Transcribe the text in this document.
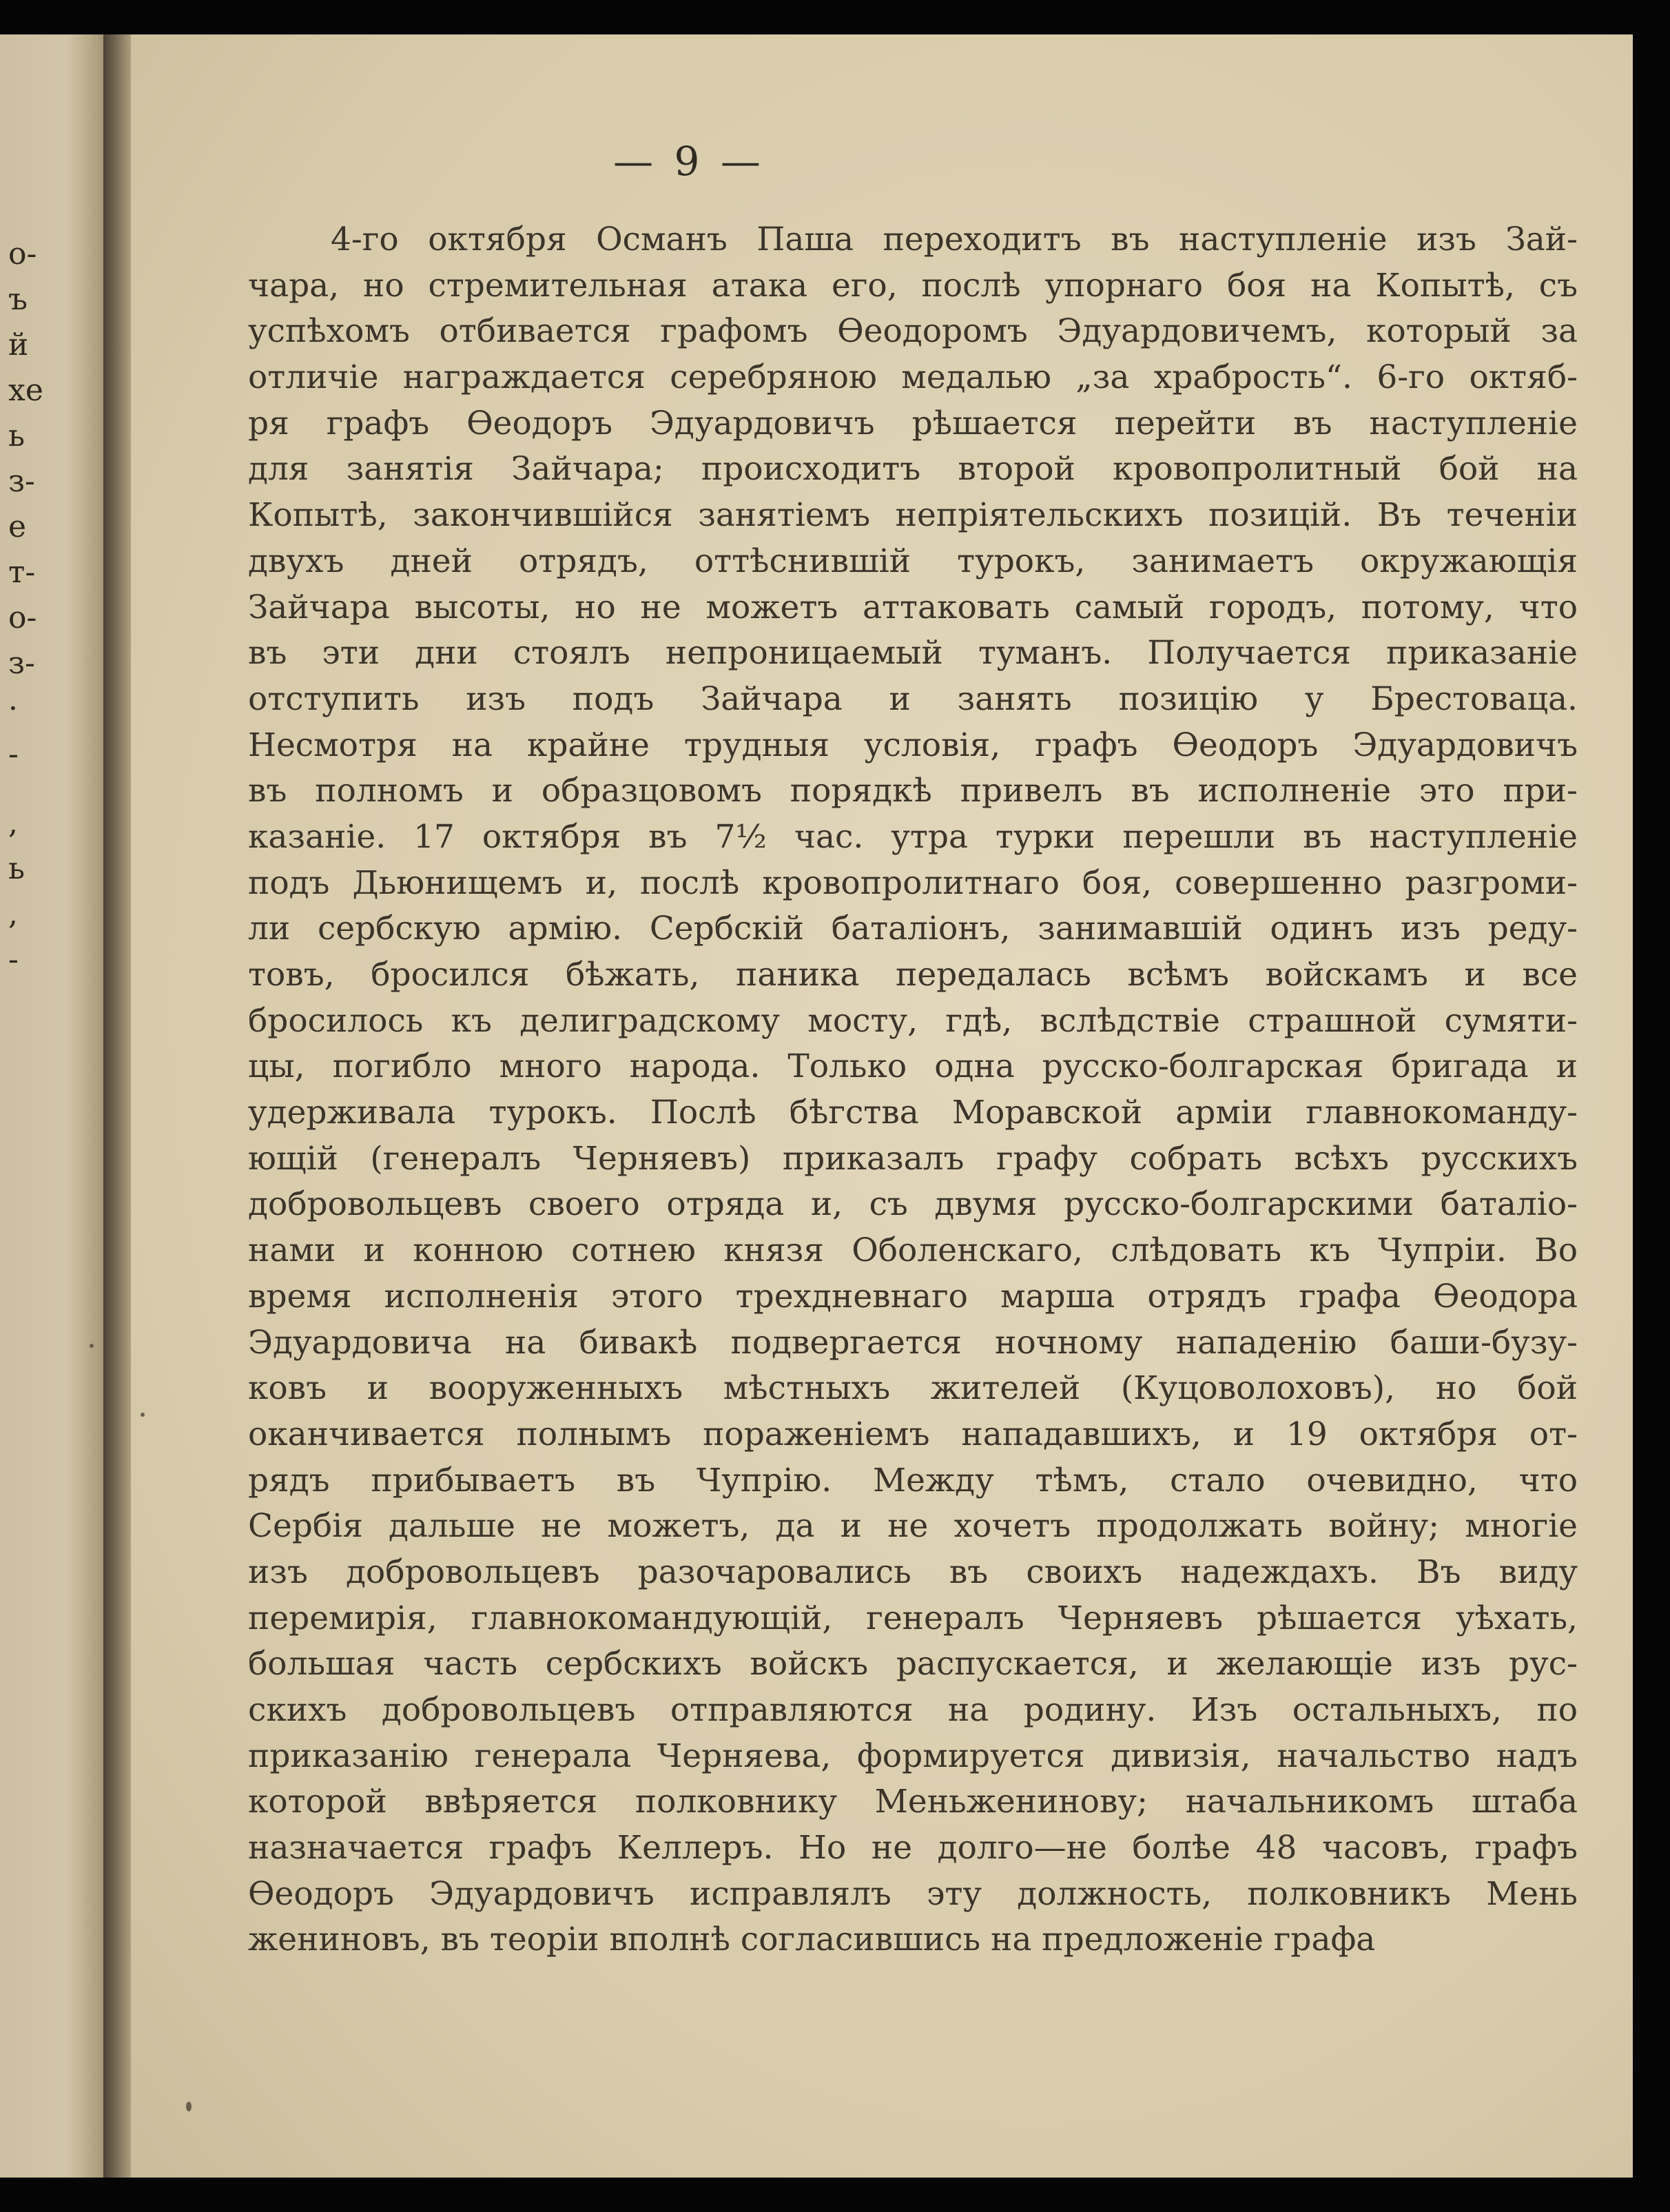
о-
ъ
й
хе
ь
з-
е
т-
о-
з-
·
-
,
ь
,
-
— 9 —
4-го октября Османъ Паша переходитъ въ наступленіе изъ Зай-
чара, но стремительная атака его, послѣ упорнаго боя на Копытѣ, съ
успѣхомъ отбивается графомъ Ѳеодоромъ Эдуардовичемъ, который за
отличіе награждается серебряною медалью „за храбрость“. 6-го октяб-
ря графъ Ѳеодоръ Эдуардовичъ рѣшается перейти въ наступленіе
для занятія Зайчара; происходитъ второй кровопролитный бой на
Копытѣ, закончившійся занятіемъ непріятельскихъ позицій. Въ теченіи
двухъ дней отрядъ, оттѣснившій турокъ, занимаетъ окружающія
Зайчара высоты, но не можетъ аттаковать самый городъ, потому, что
въ эти дни стоялъ непроницаемый туманъ. Получается приказаніе
отступить изъ подъ Зайчара и занять позицію у Брестоваца.
Несмотря на крайне трудныя условія, графъ Ѳеодоръ Эдуардовичъ
въ полномъ и образцовомъ порядкѣ привелъ въ исполненіе это при-
казаніе. 17 октября въ 7½ час. утра турки перешли въ наступленіе
подъ Дьюнищемъ и, послѣ кровопролитнаго боя, совершенно разгроми-
ли сербскую армію. Сербскій баталіонъ, занимавшій одинъ изъ реду-
товъ, бросился бѣжать, паника передалась всѣмъ войскамъ и все
бросилось къ делиградскому мосту, гдѣ, вслѣдствіе страшной сумяти-
цы, погибло много народа. Только одна русско-болгарская бригада и
удерживала турокъ. Послѣ бѣгства Моравской арміи главнокоманду-
ющій (генералъ Черняевъ) приказалъ графу собрать всѣхъ русскихъ
добровольцевъ своего отряда и, съ двумя русско-болгарскими баталіо-
нами и конною сотнею князя Оболенскаго, слѣдовать къ Чупріи. Во
время исполненія этого трехдневнаго марша отрядъ графа Ѳеодора
Эдуардовича на бивакѣ подвергается ночному нападенію баши-бузу-
ковъ и вооруженныхъ мѣстныхъ жителей (Куцоволоховъ), но бой
оканчивается полнымъ пораженіемъ нападавшихъ, и 19 октября от-
рядъ прибываетъ въ Чупрію. Между тѣмъ, стало очевидно, что
Сербія дальше не можетъ, да и не хочетъ продолжать войну; многіе
изъ добровольцевъ разочаровались въ своихъ надеждахъ. Въ виду
перемирія, главнокомандующій, генералъ Черняевъ рѣшается уѣхать,
большая часть сербскихъ войскъ распускается, и желающіе изъ рус-
скихъ добровольцевъ отправляются на родину. Изъ остальныхъ, по
приказанію генерала Черняева, формируется дивизія, начальство надъ
которой ввѣряется полковнику Меньженинову; начальникомъ штаба
назначается графъ Келлеръ. Но не долго—не болѣе 48 часовъ, графъ
Ѳеодоръ Эдуардовичъ исправлялъ эту должность, полковникъ Мень
жениновъ, въ теоріи вполнѣ согласившись на предложеніе графа
